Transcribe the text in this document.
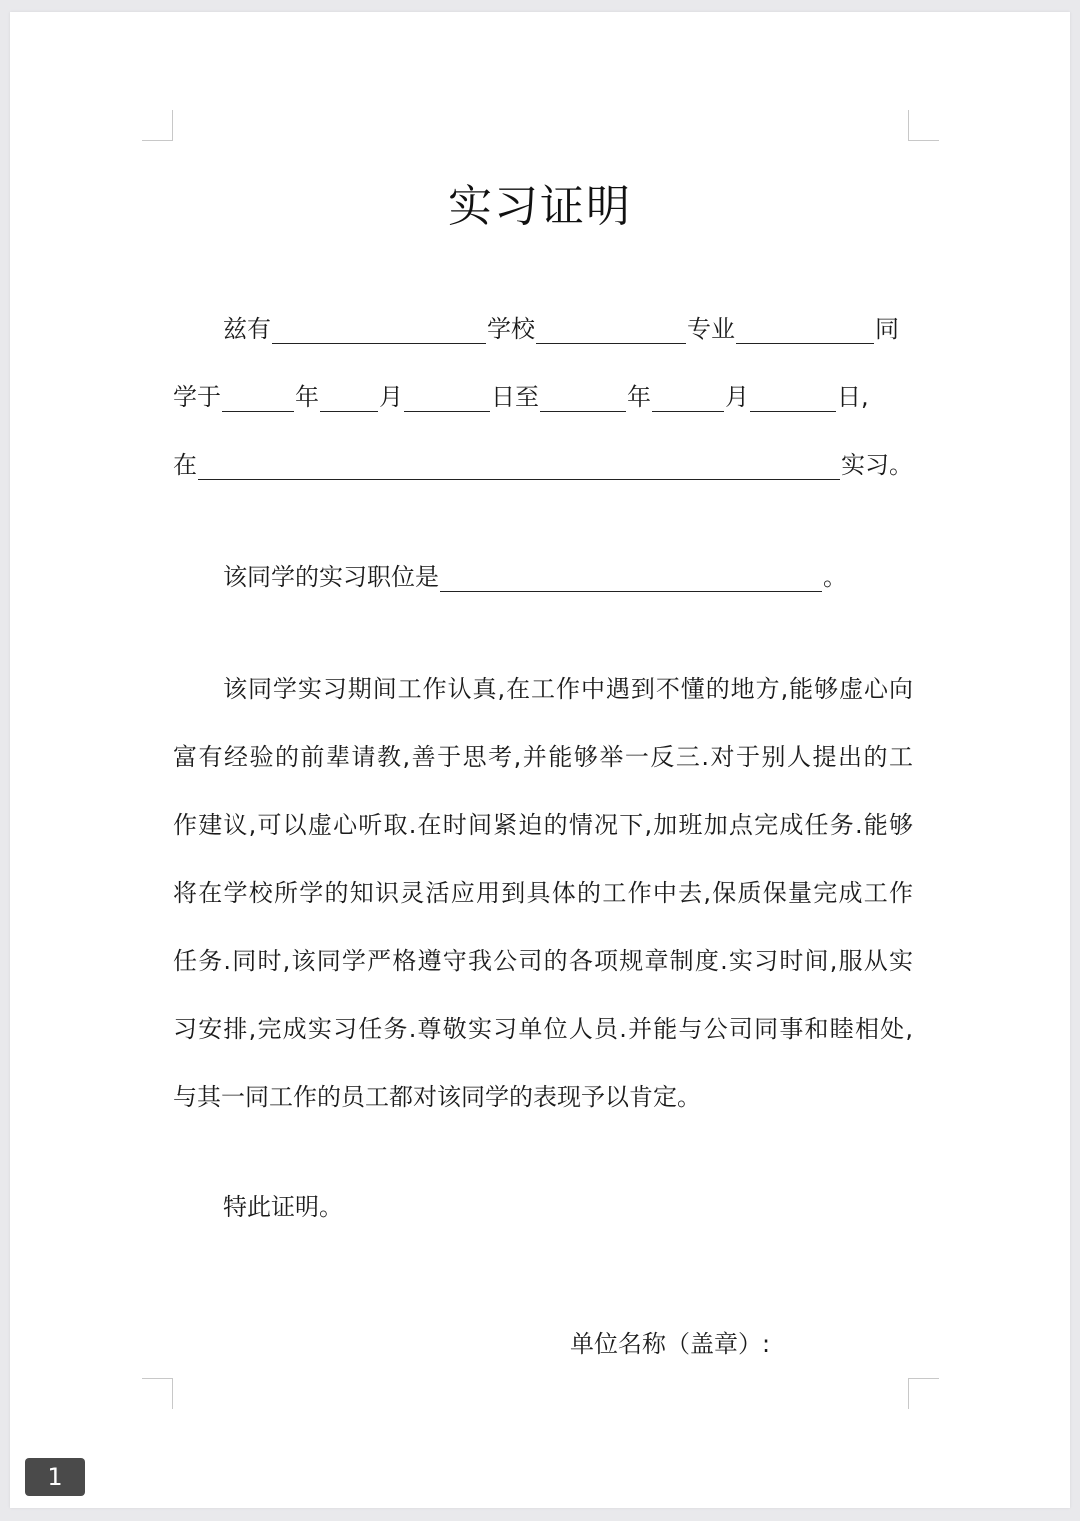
实习证明
兹有	学校	专业	同
学于	年	月	日至	年	月	日,
在	实习。
该同学的实习职位是	。
该同学实习期间工作认真,在工作中遇到不懂的地方,能够虚心向
富有经验的前辈请教,善于思考,并能够举一反三.对于别人提出的工
作建议,可以虚心听取.在时间紧迫的情况下,加班加点完成任务.能够
将在学校所学的知识灵活应用到具体的工作中去,保质保量完成工作
任务.同时,该同学严格遵守我公司的各项规章制度.实习时间,服从实
习安排,完成实习任务.尊敬实习单位人员.并能与公司同事和睦相处,
与其一同工作的员工都对该同学的表现予以肯定。
特此证明。
单位名称（盖章）:
1
